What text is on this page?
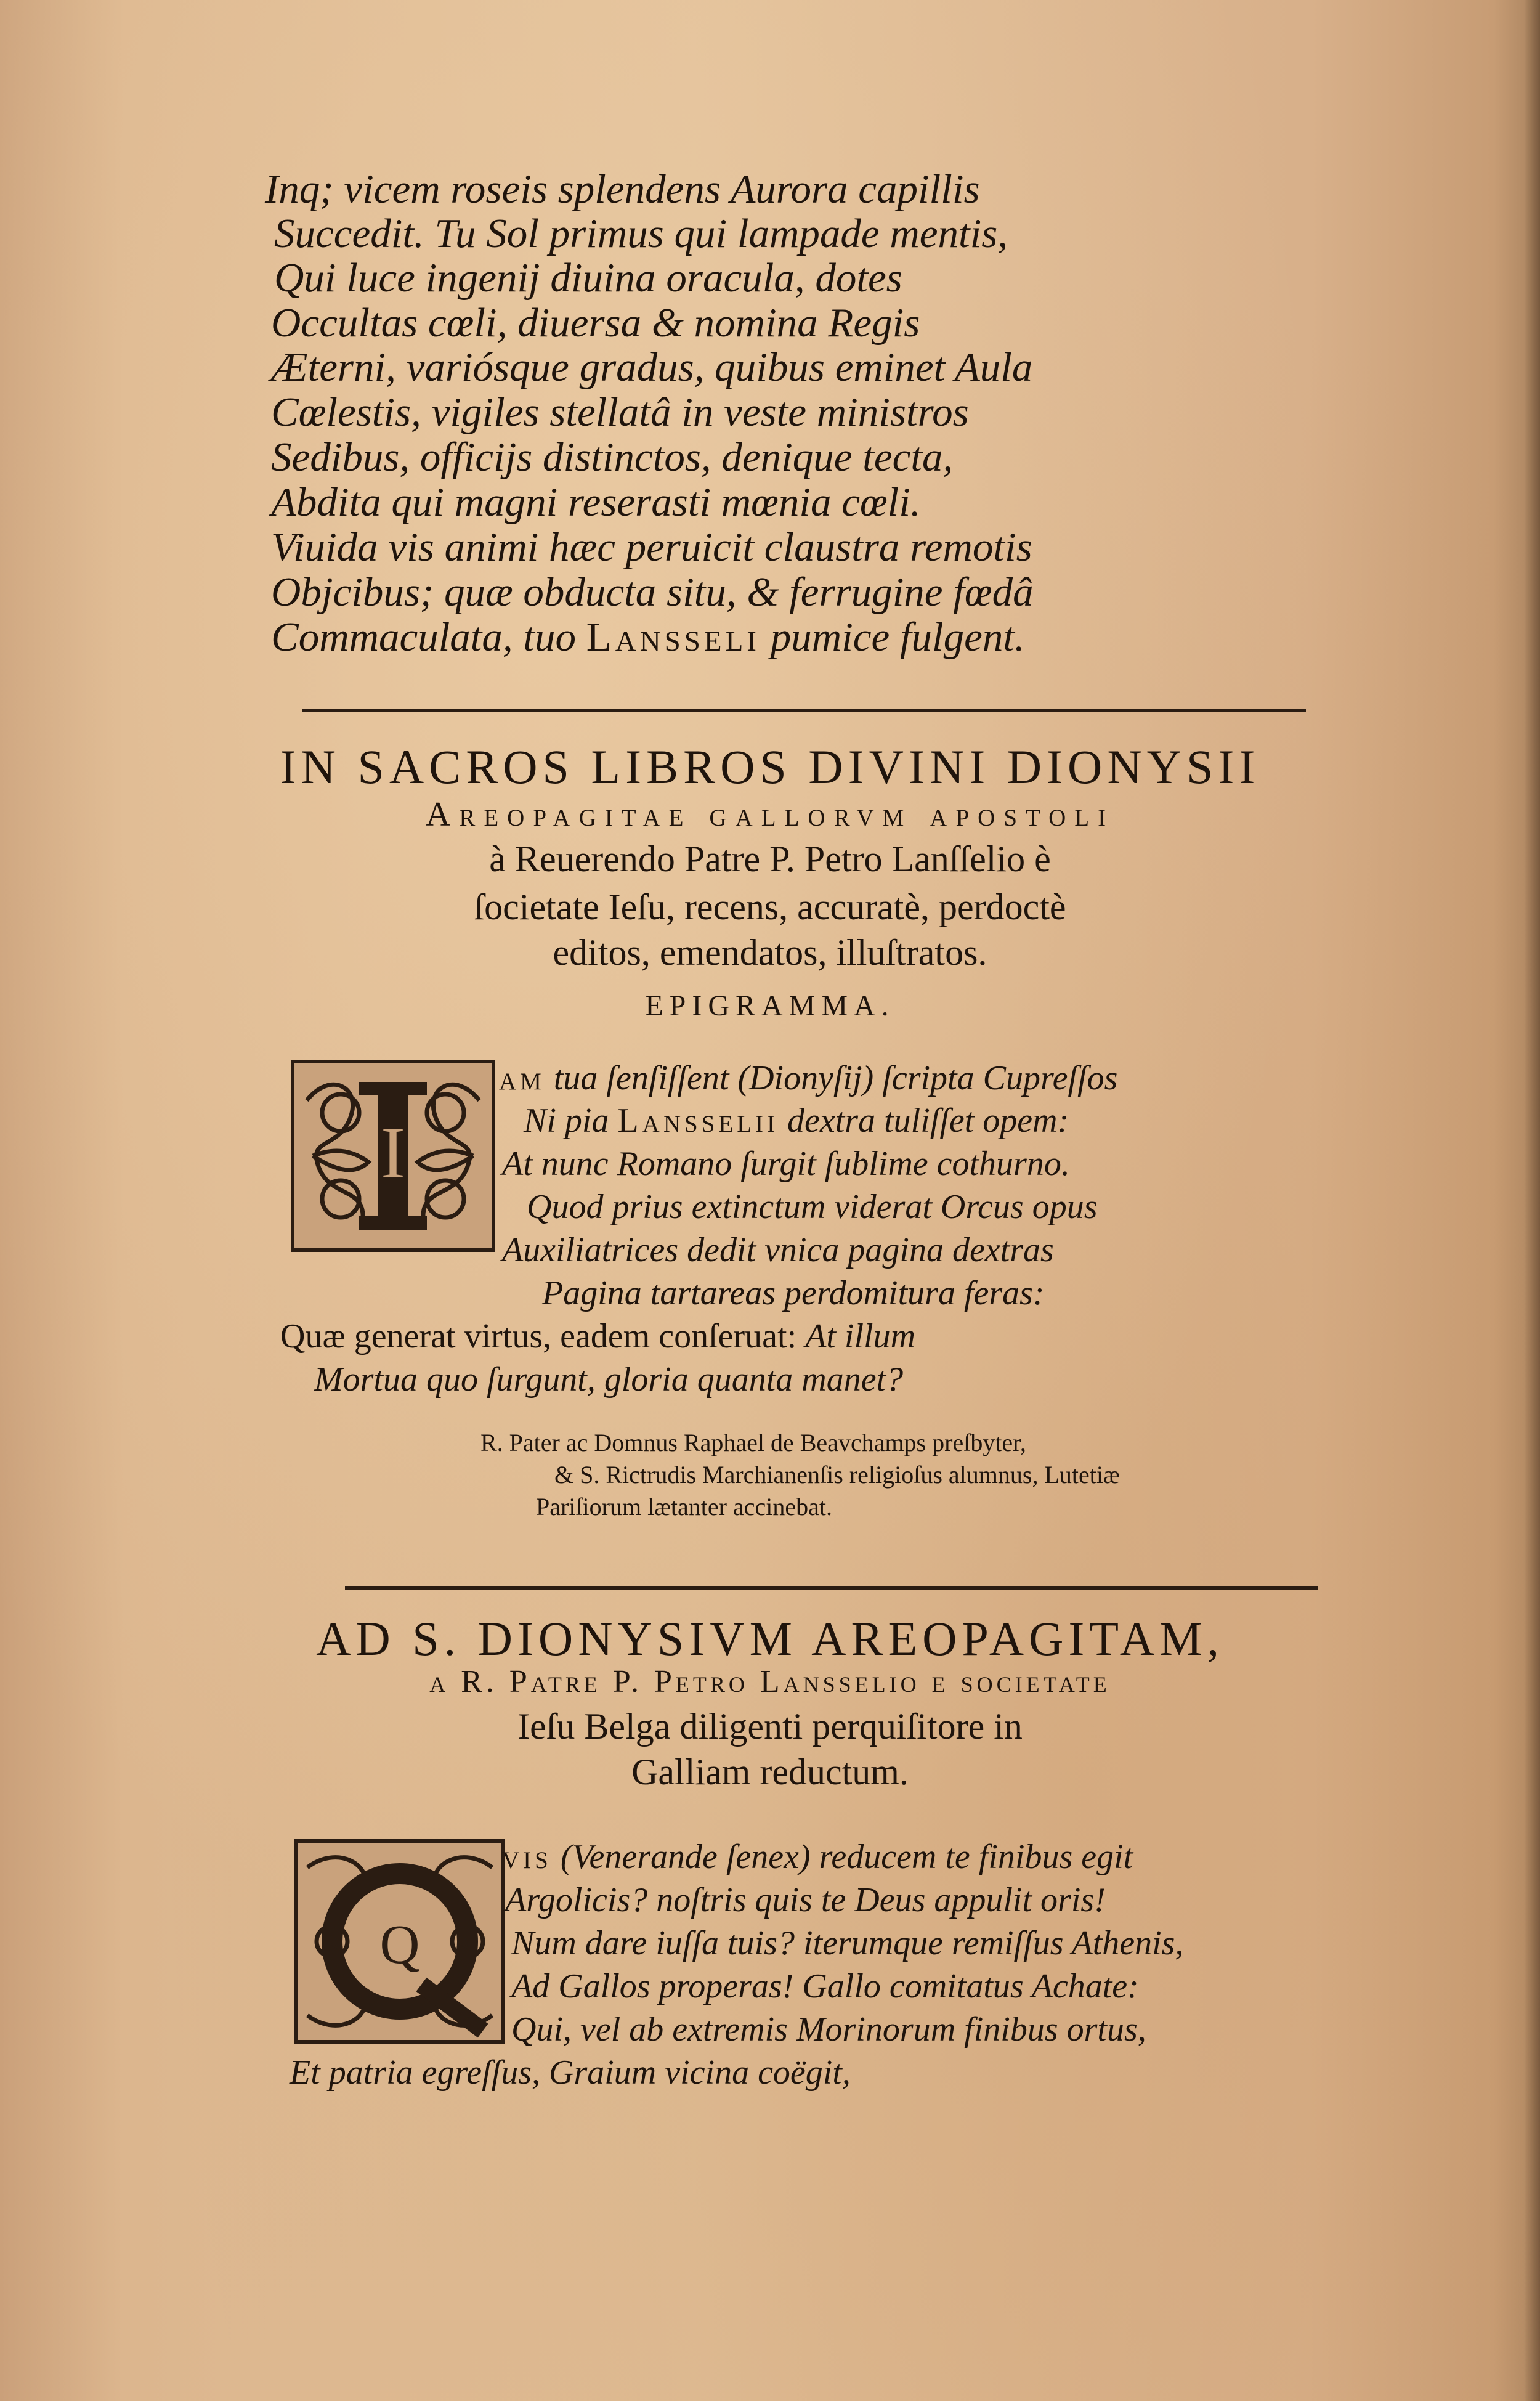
Inq; vicem roseis splendens Aurora capillis
Succedit. Tu Sol primus qui lampade mentis,
Qui luce ingenij diuina oracula, dotes
Occultas cœli, diuersa & nomina Regis
Æterni, variósque gradus, quibus eminet Aula
Cœlestis, vigiles stellatâ in veste ministros
Sedibus, officijs distinctos, denique tecta,
Abdita qui magni reserasti mœnia cœli.
Viuida vis animi hæc peruicit claustra remotis
Objcibus; quæ obducta situ, & ferrugine fœdâ
Commaculata, tuo Lansseli pumice fulgent.
IN SACROS LIBROS DIVINI DIONYSII
Areopagitae gallorvm apostoli
à Reuerendo Patre P. Petro Lanſſelio è
ſocietate Ieſu, recens, accuratè, perdoctè
editos, emendatos, illuſtratos.
EPIGRAMMA.
I
am tua ſenſiſſent (Dionyſij) ſcripta Cupreſſos
Ni pia Lansselii dextra tuliſſet opem:
At nunc Romano ſurgit ſublime cothurno.
Quod prius extinctum viderat Orcus opus
Auxiliatrices dedit vnica pagina dextras
Pagina tartareas perdomitura feras:
Quæ generat virtus, eadem conſeruat: At illum
Mortua quo ſurgunt, gloria quanta manet?
R. Pater ac Domnus Raphael de Beavchamps preſbyter,
& S. Rictrudis Marchianenſis religioſus alumnus, Lutetiæ
Pariſiorum lætanter accinebat.
AD S. DIONYSIVM AREOPAGITAM,
a R. Patre P. Petro Lansselio e societate
Ieſu Belga diligenti perquiſitore in
Galliam reductum.
Q
vis (Venerande ſenex) reducem te finibus egit
Argolicis? noſtris quis te Deus appulit oris!
Num dare iuſſa tuis? iterumque remiſſus Athenis,
Ad Gallos properas! Gallo comitatus Achate:
Qui, vel ab extremis Morinorum finibus ortus,
Et patria egreſſus, Graium vicina coëgit,
